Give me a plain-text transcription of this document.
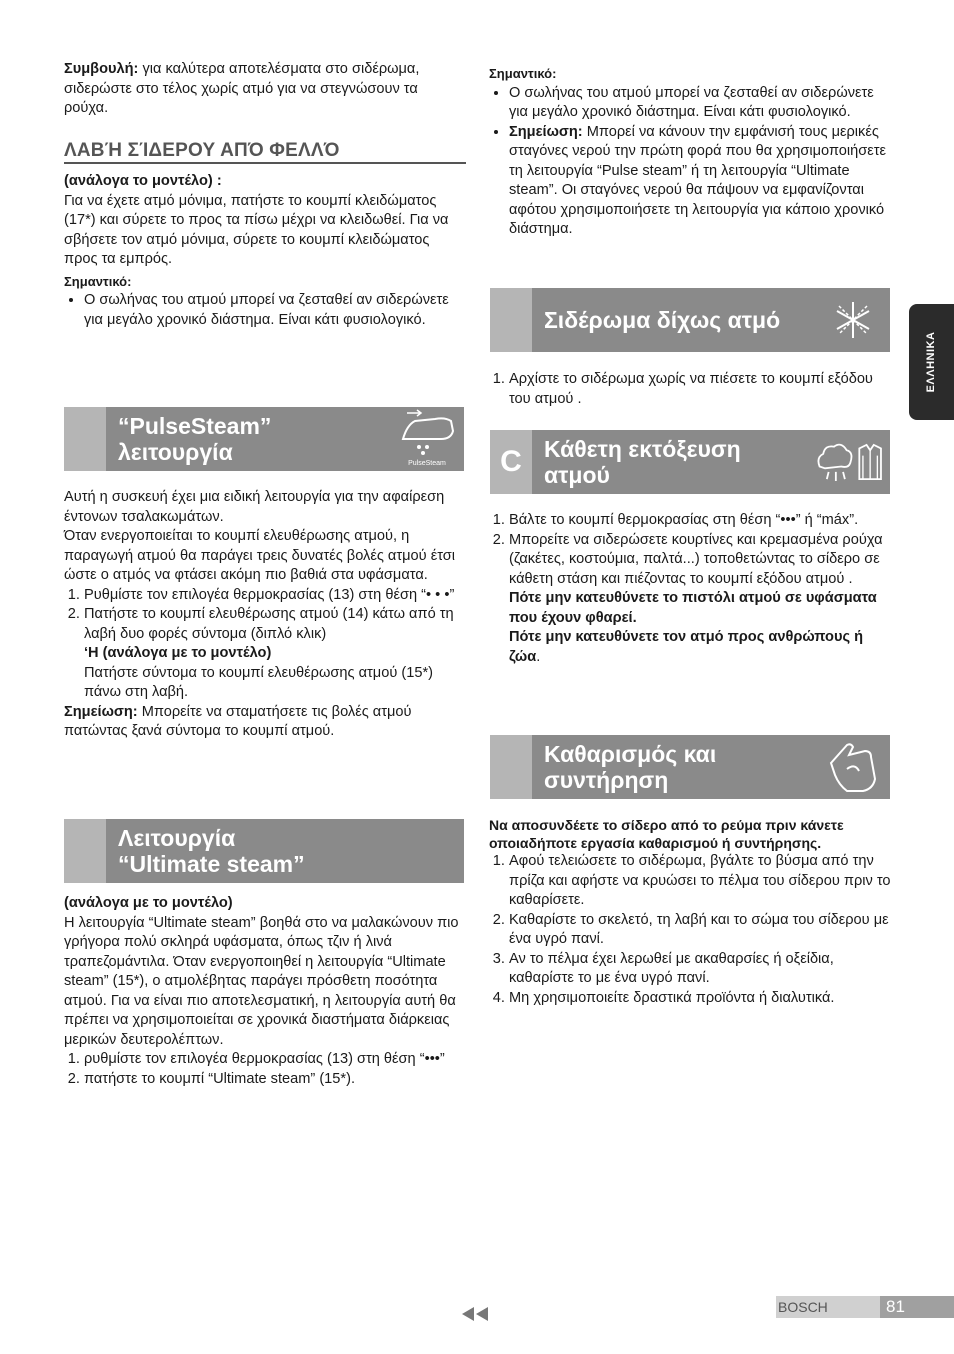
Συμβουλή: για καλύτερα αποτελέσματα στο σιδέρωμα, σιδερώστε στο τέλος χωρίς ατμό για να στεγνώσουν τα ρούχα.

ΛΑΒΉ ΣΊΔΕΡΟΥ ΑΠΌ ΦΕΛΛΌ

(ανάλογα το μοντέλο) :

Για να έχετε ατμό μόνιμα, πατήστε το κουμπί κλειδώματος (17*) και σύρετε το προς τα πίσω μέχρι να κλειδωθεί. Για να

σβήσετε τον ατμό μόνιμα, σύρετε το κουμπί κλειδώματος προς τα εμπρός.

Σημαντικό:

• Ο σωλήνας του ατμού μπορεί να ζεσταθεί αν σιδερώνετε για μεγάλο χρονικό διάστημα. Είναι κάτι φυσιολογικό.
“PulseSteam”
λειτουργία	PulseSteam

Αυτή η συσκευή έχει μια ειδική λειτουργία για την αφαίρεση έντονων τσαλακωμάτων.

Όταν ενεργοποιείται το κουμπί ελευθέρωσης ατμού, η παραγωγή ατμού θα παράγει τρεις δυνατές βολές ατμού έτσι ώστε ο ατμός να φτάσει ακόμη πιο βαθιά στα υφάσματα.

1. Ρυθμίστε τον επιλογέα θερμοκρασίας (13) στη θέση “• • •”
2. Πατήστε το κουμπί ελευθέρωσης ατμού (14) κάτω από τη λαβή δυο φορές σύντομα (διπλό κλικ)
‘Η (ανάλογα με το μοντέλο)
Πατήστε σύντομα το κουμπί ελευθέρωσης ατμού (15*) πάνω στη λαβή.

Σημείωση: Μπορείτε να σταματήσετε τις βολές ατμού πατώντας ξανά σύντομα το κουμπί ατμού.

Λειτουργία
“Ultimate steam”

(ανάλογα με το μοντέλο)

Η λειτουργία “Ultimate steam” βοηθά στο να μαλακώνουν πιο γρήγορα πολύ σκληρά υφάσματα, όπως τζιν ή λινά τραπεζομάντιλα. Όταν ενεργοποιηθεί η λειτουργία “Ultimate steam” (15*), ο ατμολέβητας παράγει πρόσθετη ποσότητα ατμού. Για να είναι πιο αποτελεσματική, η λειτουργία αυτή θα πρέπει να χρησιμοποιείται σε χρονικά διαστήματα διάρκειας μερικών δευτερολέπτων.

1. ρυθμίστε τον επιλογέα θερμοκρασίας (13) στη θέση “•••”
2. πατήστε το κουμπί “Ultimate steam” (15*).

Σημαντικό:

• Ο σωλήνας του ατμού μπορεί να ζεσταθεί αν σιδερώνετε για μεγάλο χρονικό διάστημα. Είναι κάτι φυσιολογικό.
• Σημείωση: Μπορεί να κάνουν την εμφάνισή τους μερικές σταγόνες νερού την πρώτη φορά που θα χρησιμοποιήσετε τη λειτουργία “Pulse steam” ή τη λειτουργία “Ultimate steam”. Οι σταγόνες νερού θα πάψουν να εμφανίζονται αφότου χρησιμοποιήσετε τη λειτουργία για κάποιο χρονικό διάστημα.
Σιδέρωμα δίχως ατμό
1. Αρχίστε το σιδέρωμα χωρίς να πιέσετε το κουμπί εξόδου του ατμού .
C Κάθετη εκτόξευση
ατμού
1. Βάλτε το κουμπί θερμοκρασίας στη θέση “•••” ή “máx”.
2. Μπορείτε να σιδερώσετε κουρτίνες και κρεμασμένα ρούχα (ζακέτες, κοστούμια, παλτά...) τοποθετώντας το σίδερο σε κάθετη στάση και πιέζοντας το κουμπί εξόδου ατμού .
Πότε μην κατευθύνετε το πιστόλι ατμού σε υφάσματα που έχουν φθαρεί.
Πότε μην κατευθύνετε τον ατμό προς ανθρώπους ή ζώα.
Καθαρισμός και
συντήρηση

Να αποσυνδέετε το σίδερο από το ρεύμα πριν κάνετε οποιαδήποτε εργασία καθαρισμού ή συντήρησης.

1. Αφού τελειώσετε το σιδέρωμα, βγάλτε το βύσμα από την πρίζα και αφήστε να κρυώσει το πέλμα του σίδερου πριν το καθαρίσετε.
2. Καθαρίστε το σκελετό, τη λαβή και το σώμα του σίδερου με ένα υγρό πανί.
3. Αν το πέλμα έχει λερωθεί με ακαθαρσίες ή οξείδια, καθαρίστε το με ένα υγρό πανί.
4. Μη χρησιμοποιείτε δραστικά προϊόντα ή διαλυτικά.
ΕΛΛΗΝΙΚΑ
BOSCH	81
